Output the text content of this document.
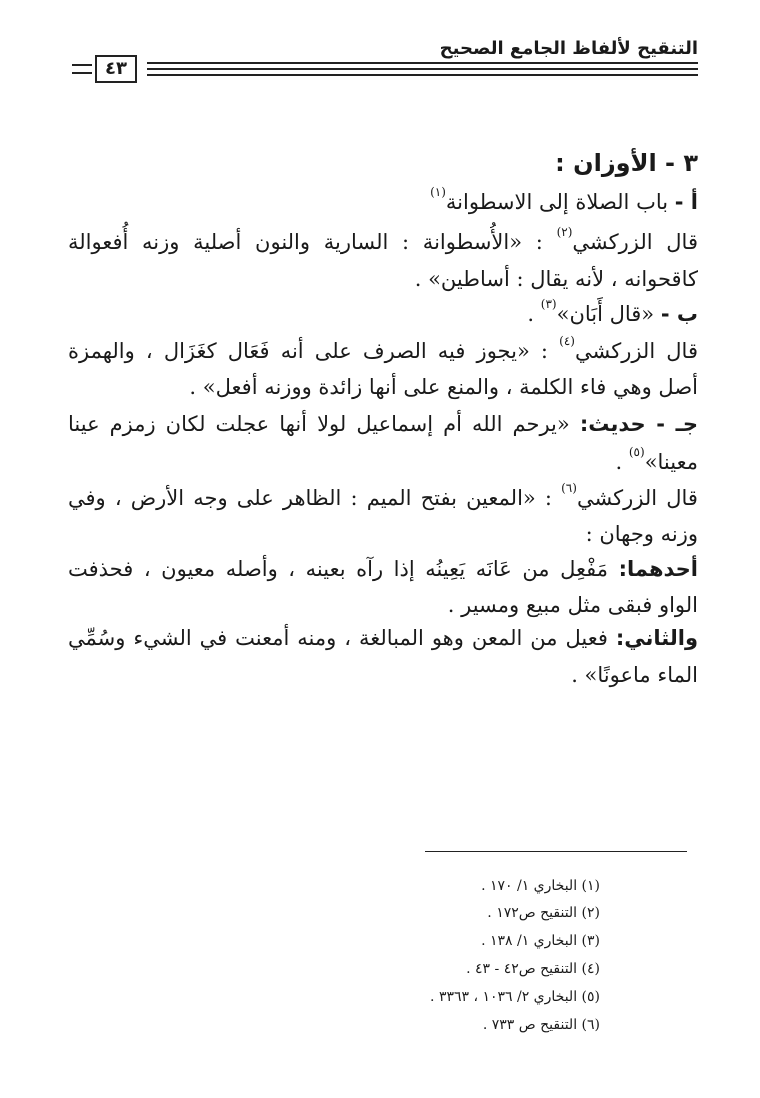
التنقيح لألفاظ الجامع الصحيح
٤٣
٣ - الأوزان :
أ - باب الصلاة إلى الاسطوانة$^{(١)}$
قال الزركشي$^{(٢)}$ : «الأُسطوانة : السارية والنون أصلية وزنه أُفعوالة
كاقحوانه ، لأنه يقال : أساطين» .
ب - «قال أَبَان»$^{(٣)}$ .
قال الزركشي$^{(٤)}$ : «يجوز فيه الصرف على أنه فَعَال كغَزَال ، والهمزة
أصل وهي فاء الكلمة ، والمنع على أنها زائدة ووزنه أفعل» .
جـ - حديث: «يرحم الله أم إسماعيل لولا أنها عجلت لكان زمزم عينا
معينا»$^{(٥)}$ .
قال الزركشي$^{(٦)}$ : «المعين بفتح الميم : الظاهر على وجه الأرض ، وفي
وزنه وجهان :
أحدهما: مَفْعِل من عَانَه يَعِينُه إذا رآه بعينه ، وأصله معيون ، فحذفت
الواو فبقى مثل مبيع ومسير .
والثاني: فعيل من المعن وهو المبالغة ، ومنه أمعنت في الشيء وسُمِّي
الماء ماعونًا» .
(١) البخاري ١/ ١٧٠ .
(٢) التنقيح ص١٧٢ .
(٣) البخاري ١/ ١٣٨ .
(٤) التنقيح ص٤٢ - ٤٣ .
(٥) البخاري ٢/ ١٠٣٦ ، ٣٣٦٣ .
(٦) التنقيح ص ٧٣٣ .
